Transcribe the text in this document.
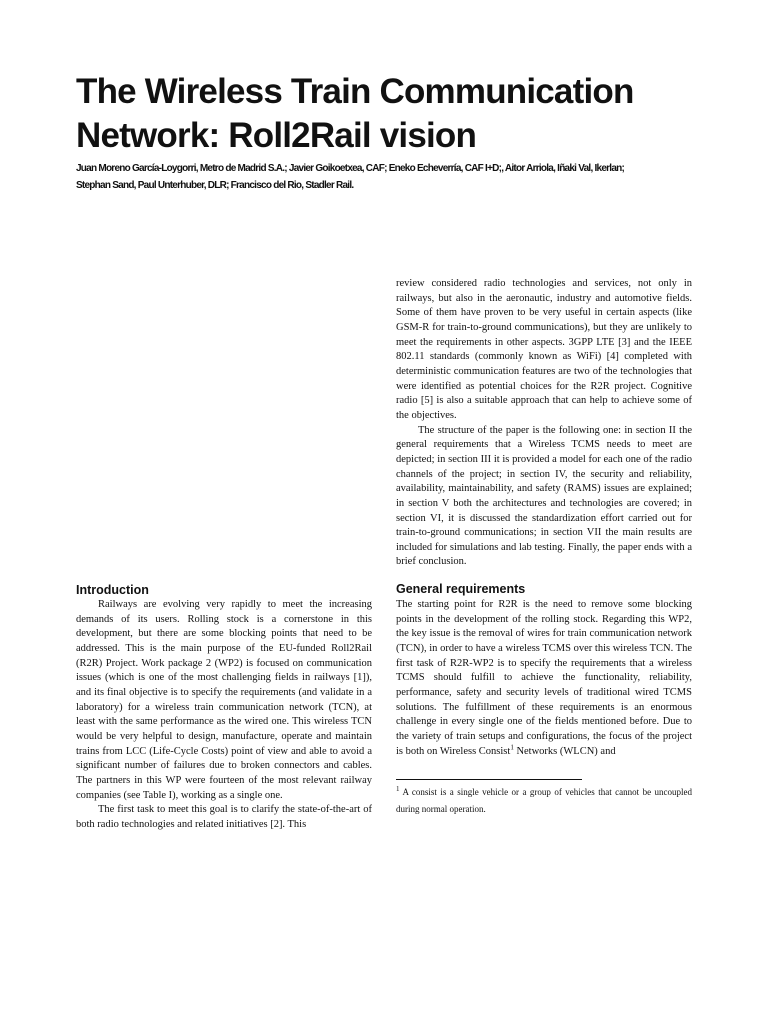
The Wireless Train Communication
Network: Roll2Rail vision
Juan Moreno García-Loygorri, Metro de Madrid S.A.; Javier Goikoetxea, CAF; Eneko Echeverría, CAF I+D;, Aitor Arriola, Iñaki Val, Ikerlan;
Stephan Sand, Paul Unterhuber, DLR; Francisco del Rio, Stadler Rail.
Introduction

Railways are evolving very rapidly to meet the increasing demands of its users. Rolling stock is a cornerstone in this development, but there are some blocking points that need to be addressed. This is the main purpose of the EU-funded Roll2Rail (R2R) Project. Work package 2 (WP2) is focused on communication issues (which is one of the most challenging fields in railways [1]), and its final objective is to specify the requirements (and validate in a laboratory) for a wireless train communication network (TCN), at least with the same performance as the wired one. This wireless TCN would be very helpful to design, manufacture, operate and maintain trains from LCC (Life-Cycle Costs) point of view and able to avoid a significant number of failures due to broken connectors and cables. The partners in this WP were fourteen of the most relevant railway companies (see Table I), working as a single one.

The first task to meet this goal is to clarify the state-of-the-art of both radio technologies and related initiatives [2]. This

review considered radio technologies and services, not only in railways, but also in the aeronautic, industry and automotive fields. Some of them have proven to be very useful in certain aspects (like GSM-R for train-to-ground communications), but they are unlikely to meet the requirements in other aspects. 3GPP LTE [3] and the IEEE 802.11 standards (commonly known as WiFi) [4] completed with deterministic communication features are two of the technologies that were identified as potential choices for the R2R project. Cognitive radio [5] is also a suitable approach that can help to achieve some of the objectives.

The structure of the paper is the following one: in section II the general requirements that a Wireless TCMS needs to meet are depicted; in section III it is provided a model for each one of the radio channels of the project; in section IV, the security and reliability, availability, maintainability, and safety (RAMS) issues are explained; in section V both the architectures and technologies are covered; in section VI, it is discussed the standardization effort carried out for train-to-ground communications; in section VII the main results are included for simulations and lab testing. Finally, the paper ends with a brief conclusion.

General requirements

The starting point for R2R is the need to remove some blocking points in the development of the rolling stock. Regarding this WP2, the key issue is the removal of wires for train communication network (TCN), in order to have a wireless TCMS over this wireless TCN. The first task of R2R-WP2 is to specify the requirements that a wireless TCMS should fulfill to achieve the functionality, reliability, performance, safety and security levels of traditional wired TCMS solutions. The fulfillment of these requirements is an enormous challenge in every single one of the fields mentioned before. Due to the variety of train setups and configurations, the focus of the project is both on Wireless Consist$^1$ Networks (WLCN) and

$^1$ A consist is a single vehicle or a group of vehicles that cannot be uncoupled during normal operation.
